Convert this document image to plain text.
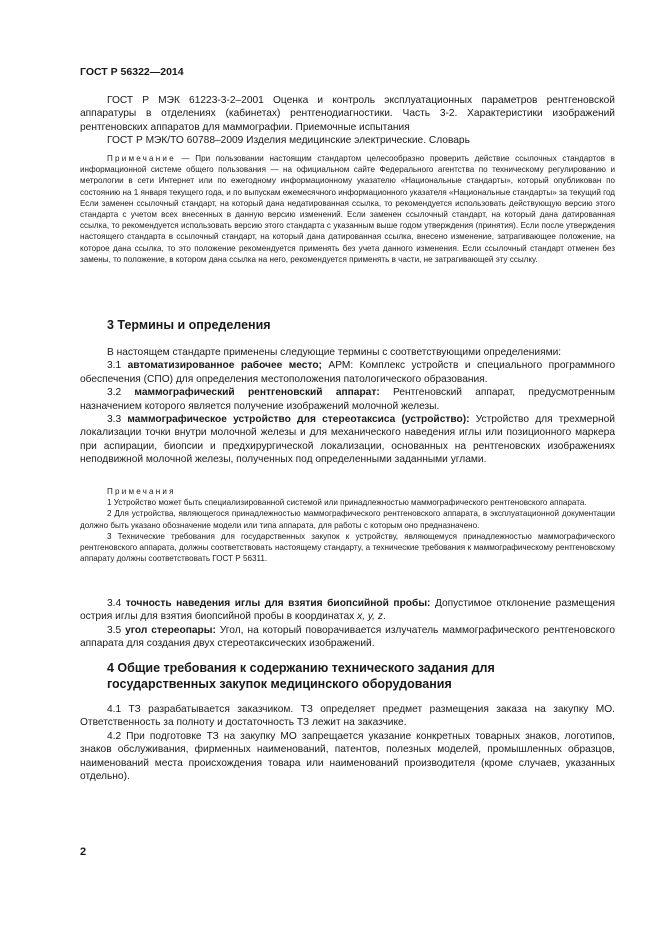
ГОСТ Р 56322—2014

ГОСТ Р МЭК 61223-3-2–2001 Оценка и контроль эксплуатационных параметров рентгеновской аппаратуры в отделениях (кабинетах) рентгенодиагностики. Часть 3-2. Характеристики изображений рентгеновских аппаратов для маммографии. Приемочные испытания

ГОСТ Р МЭК/ТО 60788–2009 Изделия медицинские электрические. Словарь

Примечание — При пользовании настоящим стандартом целесообразно проверить действие ссылочных стандартов в информационной системе общего пользования — на официальном сайте Федерального агентства по техническому регулированию и метрологии в сети Интернет или по ежегодному информационному указателю «Национальные стандарты», который опубликован по состоянию на 1 января текущего года, и по выпускам ежемесячного информационного указателя «Национальные стандарты» за текущий год Если заменен ссылочный стандарт, на который дана недатированная ссылка, то рекомендуется использовать действующую версию этого стандарта с учетом всех внесенных в данную версию изменений. Если заменен ссылочный стандарт, на который дана датированная ссылка, то рекомендуется использовать версию этого стандарта с указанным выше годом утверждения (принятия). Если после утверждения настоящего стандарта в ссылочный стандарт, на который дана датированная ссылка, внесено изменение, затрагивающее положение, на которое дана ссылка, то это положение рекомендуется применять без учета данного изменения. Если ссылочный стандарт отменен без замены, то положение, в котором дана ссылка на него, рекомендуется применять в части, не затрагивающей эту ссылку.

3 Термины и определения

В настоящем стандарте применены следующие термины с соответствующими определениями:

3.1 автоматизированное рабочее место; АРМ: Комплекс устройств и специального программного обеспечения (СПО) для определения местоположения патологического образования.

3.2 маммографический рентгеновский аппарат: Рентгеновский аппарат, предусмотренным назначением которого является получение изображений молочной железы.

3.3 маммографическое устройство для стереотаксиса (устройство): Устройство для трехмерной локализации точки внутри молочной железы и для механического наведения иглы или позиционного маркера при аспирации, биопсии и предхирургической локализации, основанных на рентгеновских изображениях неподвижной молочной железы, полученных под определенными заданными углами.

Примечания

1 Устройство может быть специализированной системой или принадлежностью маммографического рентгеновского аппарата.

2 Для устройства, являющегося принадлежностью маммографического рентгеновского аппарата, в эксплуатационной документации должно быть указано обозначение модели или типа аппарата, для работы с которым оно предназначено.

3 Технические требования для государственных закупок к устройству, являющемуся принадлежностью маммографического рентгеновского аппарата, должны соответствовать настоящему стандарту, а технические требования к маммографическому рентгеновскому аппарату должны соответствовать ГОСТ Р 56311.

3.4 точность наведения иглы для взятия биопсийной пробы: Допустимое отклонение размещения острия иглы для взятия биопсийной пробы в координатах x, y, z.

3.5 угол стереопары: Угол, на который поворачивается излучатель маммографического рентгеновского аппарата для создания двух стереотаксических изображений.

4 Общие требования к содержанию технического задания для
государственных закупок медицинского оборудования

4.1 ТЗ разрабатывается заказчиком. ТЗ определяет предмет размещения заказа на закупку МО. Ответственность за полноту и достаточность ТЗ лежит на заказчике.

4.2 При подготовке ТЗ на закупку МО запрещается указание конкретных товарных знаков, логотипов, знаков обслуживания, фирменных наименований, патентов, полезных моделей, промышленных образцов, наименований места происхождения товара или наименований производителя (кроме случаев, указанных отдельно).

2
